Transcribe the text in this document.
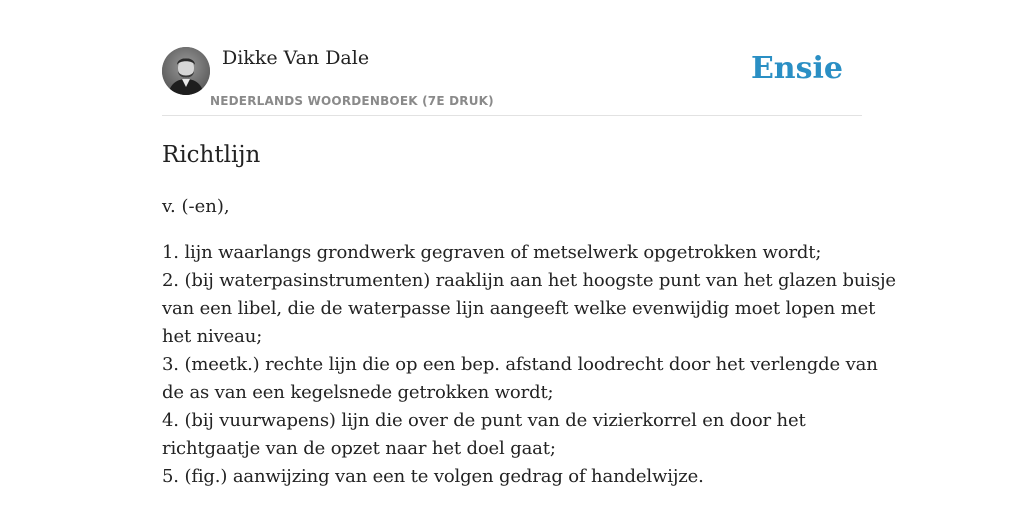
Dikke Van Dale
NEDERLANDS WOORDENBOEK (7E DRUK)
Ensie
Richtlijn
v. (-en),
1. lijn waarlangs grondwerk gegraven of metselwerk opgetrokken wordt;
2. (bij waterpasinstrumenten) raaklijn aan het hoogste punt van het glazen buisje
van een libel, die de waterpasse lijn aangeeft welke evenwijdig moet lopen met
het niveau;
3. (meetk.) rechte lijn die op een bep. afstand loodrecht door het verlengde van
de as van een kegelsnede getrokken wordt;
4. (bij vuurwapens) lijn die over de punt van de vizierkorrel en door het
richtgaatje van de opzet naar het doel gaat;
5. (fig.) aanwijzing van een te volgen gedrag of handelwijze.
